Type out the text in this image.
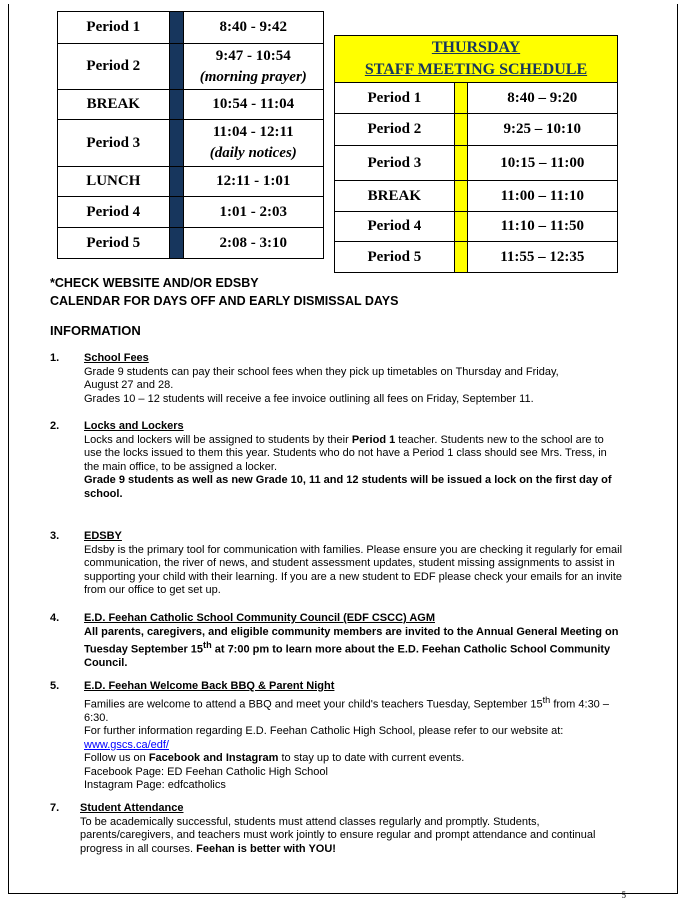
Period 1		8:40 - 9:42
Period 2		9:47 - 10:54
(morning prayer)

BREAK		10:54 - 11:04
Period 3		11:04 - 12:11
(daily notices)

LUNCH		12:11 - 1:01
Period 4		1:01 - 2:03
Period 5		2:08 - 3:10
THURSDAY
STAFF MEETING SCHEDULE		

Period 1		8:40 – 9:20
Period 2		9:25 – 10:10
Period 3		10:15 – 11:00
BREAK		11:00 – 11:10
Period 4		11:10 – 11:50
Period 5		11:55 – 12:35
*CHECK WEBSITE AND/OR EDSBY
CALENDAR FOR DAYS OFF AND EARLY DISMISSAL DAYS
INFORMATION
1. School Fees
Grade 9 students can pay their school fees when they pick up timetables on Thursday and Friday,
August 27 and 28.
Grades 10 – 12 students will receive a fee invoice outlining all fees on Friday, September 11.
2. Locks and Lockers
Locks and lockers will be assigned to students by their Period 1 teacher. Students new to the school are to use the locks issued to them this year. Students who do not have a Period 1 class should see Mrs. Tress, in the main office, to be assigned a locker.
Grade 9 students as well as new Grade 10, 11 and 12 students will be issued a lock on the first day of school.
3. EDSBY
Edsby is the primary tool for communication with families. Please ensure you are checking it regularly for email communication, the river of news, and student assessment updates, student missing assignments to assist in supporting your child with their learning. If you are a new student to EDF please check your emails for an invite from our office to get set up.
4. E.D. Feehan Catholic School Community Council (EDF CSCC) AGM
All parents, caregivers, and eligible community members are invited to the Annual General Meeting on Tuesday September 15th at 7:00 pm to learn more about the E.D. Feehan Catholic School Community Council.
5. E.D. Feehan Welcome Back BBQ & Parent Night
Families are welcome to attend a BBQ and meet your child's teachers Tuesday, September 15th from 4:30 – 6:30.
For further information regarding E.D. Feehan Catholic High School, please refer to our website at:
www.gscs.ca/edf/
Follow us on Facebook and Instagram to stay up to date with current events.
Facebook Page: ED Feehan Catholic High School
Instagram Page: edfcatholics
7. Student Attendance
To be academically successful, students must attend classes regularly and promptly. Students, parents/caregivers, and teachers must work jointly to ensure regular and prompt attendance and continual progress in all courses. Feehan is better with YOU!
5
